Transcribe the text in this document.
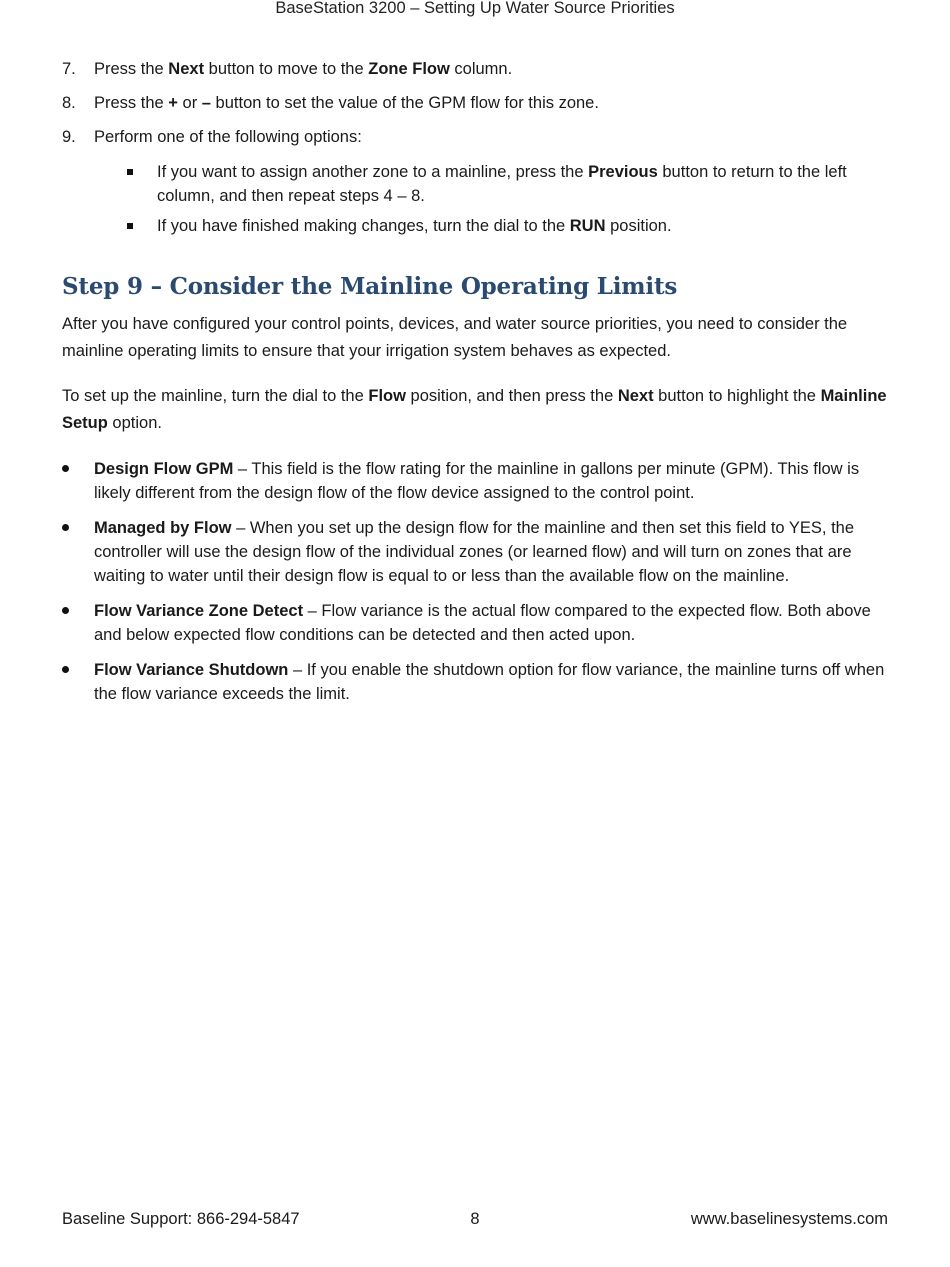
BaseStation 3200 – Setting Up Water Source Priorities
7. Press the Next button to move to the Zone Flow column.
8. Press the + or – button to set the value of the GPM flow for this zone.
9. Perform one of the following options:
If you want to assign another zone to a mainline, press the Previous button to return to the left column, and then repeat steps 4 – 8.
If you have finished making changes, turn the dial to the RUN position.
Step 9 – Consider the Mainline Operating Limits
After you have configured your control points, devices, and water source priorities, you need to consider the mainline operating limits to ensure that your irrigation system behaves as expected.
To set up the mainline, turn the dial to the Flow position, and then press the Next button to highlight the Mainline Setup option.
Design Flow GPM – This field is the flow rating for the mainline in gallons per minute (GPM). This flow is likely different from the design flow of the flow device assigned to the control point.
Managed by Flow – When you set up the design flow for the mainline and then set this field to YES, the controller will use the design flow of the individual zones (or learned flow) and will turn on zones that are waiting to water until their design flow is equal to or less than the available flow on the mainline.
Flow Variance Zone Detect – Flow variance is the actual flow compared to the expected flow. Both above and below expected flow conditions can be detected and then acted upon.
Flow Variance Shutdown – If you enable the shutdown option for flow variance, the mainline turns off when the flow variance exceeds the limit.
Baseline Support: 866-294-5847	8	www.baselinesystems.com
